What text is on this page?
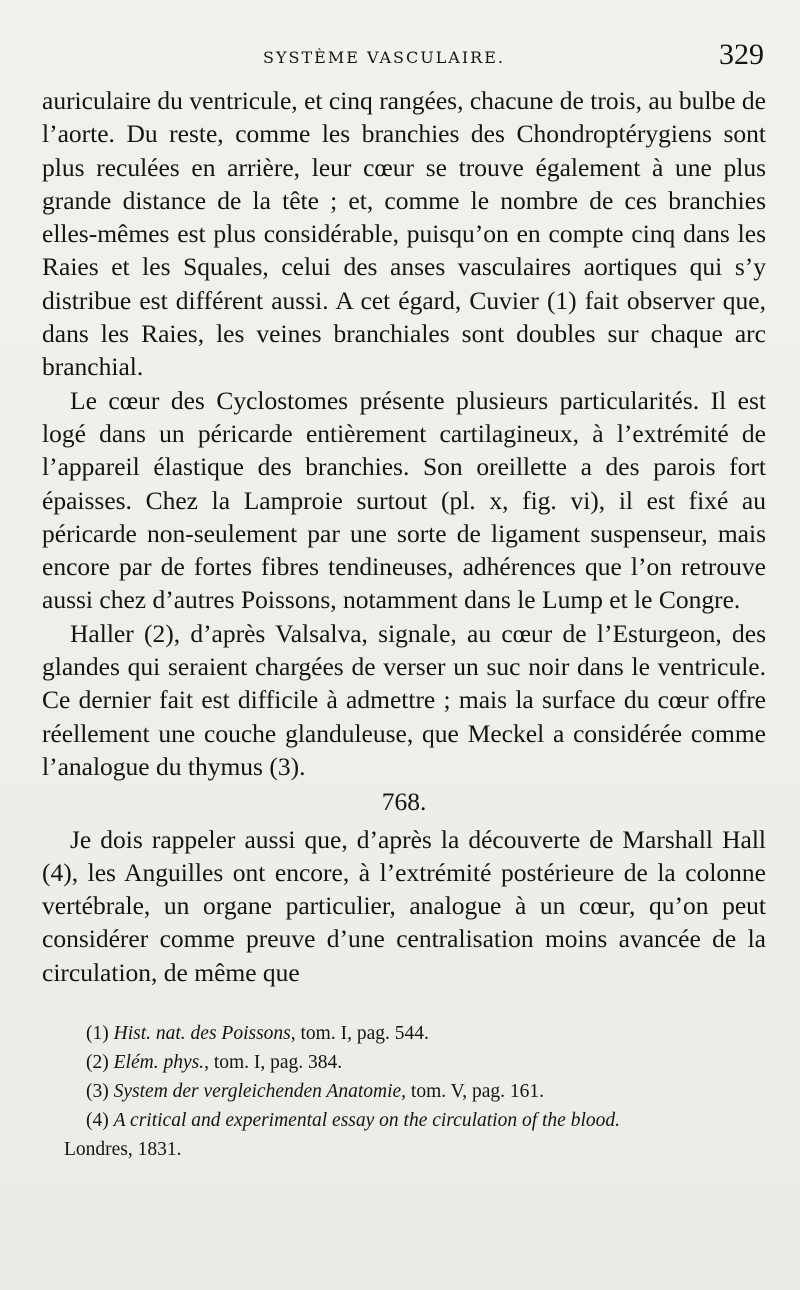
SYSTÈME VASCULAIRE.	329

auriculaire du ventricule, et cinq rangées, chacune de trois, au bulbe de l’aorte. Du reste, comme les branchies des Chondroptérygiens sont plus reculées en arrière, leur cœur se trouve également à une plus grande distance de la tête ; et, comme le nombre de ces branchies elles-mêmes est plus considérable, puisqu’on en compte cinq dans les Raies et les Squales, celui des anses vasculaires aortiques qui s’y distribue est différent aussi. A cet égard, Cuvier (1) fait observer que, dans les Raies, les veines branchiales sont doubles sur chaque arc branchial.

Le cœur des Cyclostomes présente plusieurs particularités. Il est logé dans un péricarde entièrement cartilagineux, à l’extrémité de l’appareil élastique des branchies. Son oreillette a des parois fort épaisses. Chez la Lamproie surtout (pl. x, fig. vi), il est fixé au péricarde non-seulement par une sorte de ligament suspenseur, mais encore par de fortes fibres tendineuses, adhérences que l’on retrouve aussi chez d’autres Poissons, notamment dans le Lump et le Congre.

Haller (2), d’après Valsalva, signale, au cœur de l’Esturgeon, des glandes qui seraient chargées de verser un suc noir dans le ventricule. Ce dernier fait est difficile à admettre ; mais la surface du cœur offre réellement une couche glanduleuse, que Meckel a considérée comme l’analogue du thymus (3).

768.

Je dois rappeler aussi que, d’après la découverte de Marshall Hall (4), les Anguilles ont encore, à l’extrémité postérieure de la colonne vertébrale, un organe particulier, analogue à un cœur, qu’on peut considérer comme preuve d’une centralisation moins avancée de la circulation, de même que

(1) Hist. nat. des Poissons, tom. I, pag. 544.

(2) Elém. phys., tom. I, pag. 384.

(3) System der vergleichenden Anatomie, tom. V, pag. 161.

(4) A critical and experimental essay on the circulation of the blood.

Londres, 1831.
